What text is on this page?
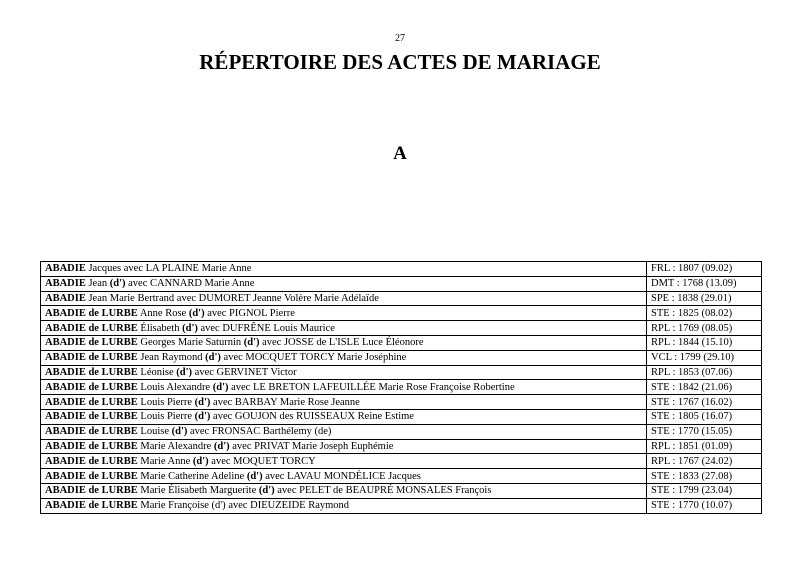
27
RÉPERTOIRE DES ACTES DE MARIAGE
A
ABADIE Jacques avec LA PLAINE Marie Anne	FRL : 1807 (09.02)
ABADIE Jean (d') avec CANNARD Marie Anne	DMT : 1768 (13.09)
ABADIE Jean Marie Bertrand avec DUMORET Jeanne Volère Marie Adélaïde	SPE : 1838 (29.01)
ABADIE de LURBE Anne Rose (d') avec PIGNOL Pierre	STE : 1825 (08.02)
ABADIE de LURBE Élisabeth (d') avec DUFRÊNE Louis Maurice	RPL : 1769 (08.05)
ABADIE de LURBE Georges Marie Saturnin (d') avec JOSSE de L'ISLE Luce Éléonore	RPL : 1844 (15.10)
ABADIE de LURBE Jean Raymond (d') avec MOCQUET TORCY Marie Joséphine	VCL : 1799 (29.10)
ABADIE de LURBE Léonise (d') avec GERVINET Victor	RPL : 1853 (07.06)
ABADIE de LURBE Louis Alexandre (d') avec LE BRETON LAFEUILLÉE Marie Rose Françoise Robertine	STE : 1842 (21.06)
ABADIE de LURBE Louis Pierre (d') avec BARBAY Marie Rose Jeanne	STE : 1767 (16.02)
ABADIE de LURBE Louis Pierre (d') avec GOUJON des RUISSEAUX Reine Estime	STE : 1805 (16.07)
ABADIE de LURBE Louise (d') avec FRONSAC Barthélemy (de)	STE : 1770 (15.05)
ABADIE de LURBE Marie Alexandre (d') avec PRIVAT Marie Joseph Euphémie	RPL : 1851 (01.09)
ABADIE de LURBE Marie Anne (d') avec MOQUET TORCY	RPL : 1767 (24.02)
ABADIE de LURBE Marie Catherine Adeline (d') avec LAVAU MONDÉLICE Jacques	STE : 1833 (27.08)
ABADIE de LURBE Marie Élisabeth Marguerite (d') avec PELET de BEAUPRÉ MONSALES François	STE : 1799 (23.04)
ABADIE de LURBE Marie Françoise (d') avec DIEUZEIDE Raymond	STE : 1770 (10.07)
